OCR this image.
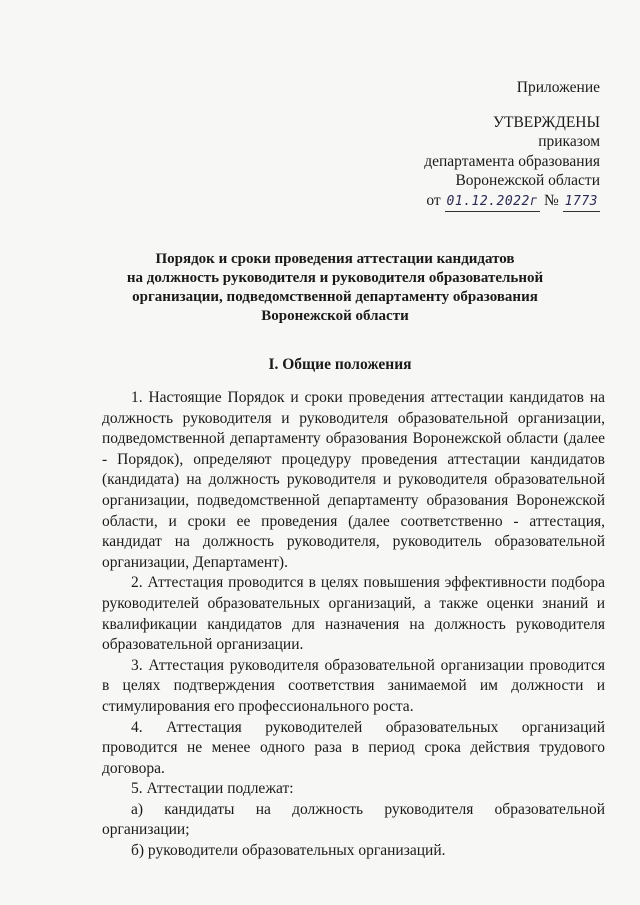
Приложение
УТВЕРЖДЕНЫ
приказом
департамента образования
Воронежской области
от 01.12.2022г № 1773
Порядок и сроки проведения аттестации кандидатов
на должность руководителя и руководителя образовательной
организации, подведомственной департаменту образования
Воронежской области
I. Общие положения

1. Настоящие Порядок и сроки проведения аттестации кандидатов на должность руководителя и руководителя образовательной организации, подведомственной департаменту образования Воронежской области (далее - Порядок), определяют процедуру проведения аттестации кандидатов (кандидата) на должность руководителя и руководителя образовательной организации, подведомственной департаменту образования Воронежской области, и сроки ее проведения (далее соответственно - аттестация, кандидат на должность руководителя, руководитель образовательной организации, Департамент).

2. Аттестация проводится в целях повышения эффективности подбора руководителей образовательных организаций, а также оценки знаний и квалификации кандидатов для назначения на должность руководителя образовательной организации.

3. Аттестация руководителя образовательной организации проводится в целях подтверждения соответствия занимаемой им должности и стимулирования его профессионального роста.

4. Аттестация руководителей образовательных организаций проводится не менее одного раза в период срока действия трудового договора.

5. Аттестации подлежат:

а) кандидаты на должность руководителя образовательной организации;

б) руководители образовательных организаций.
